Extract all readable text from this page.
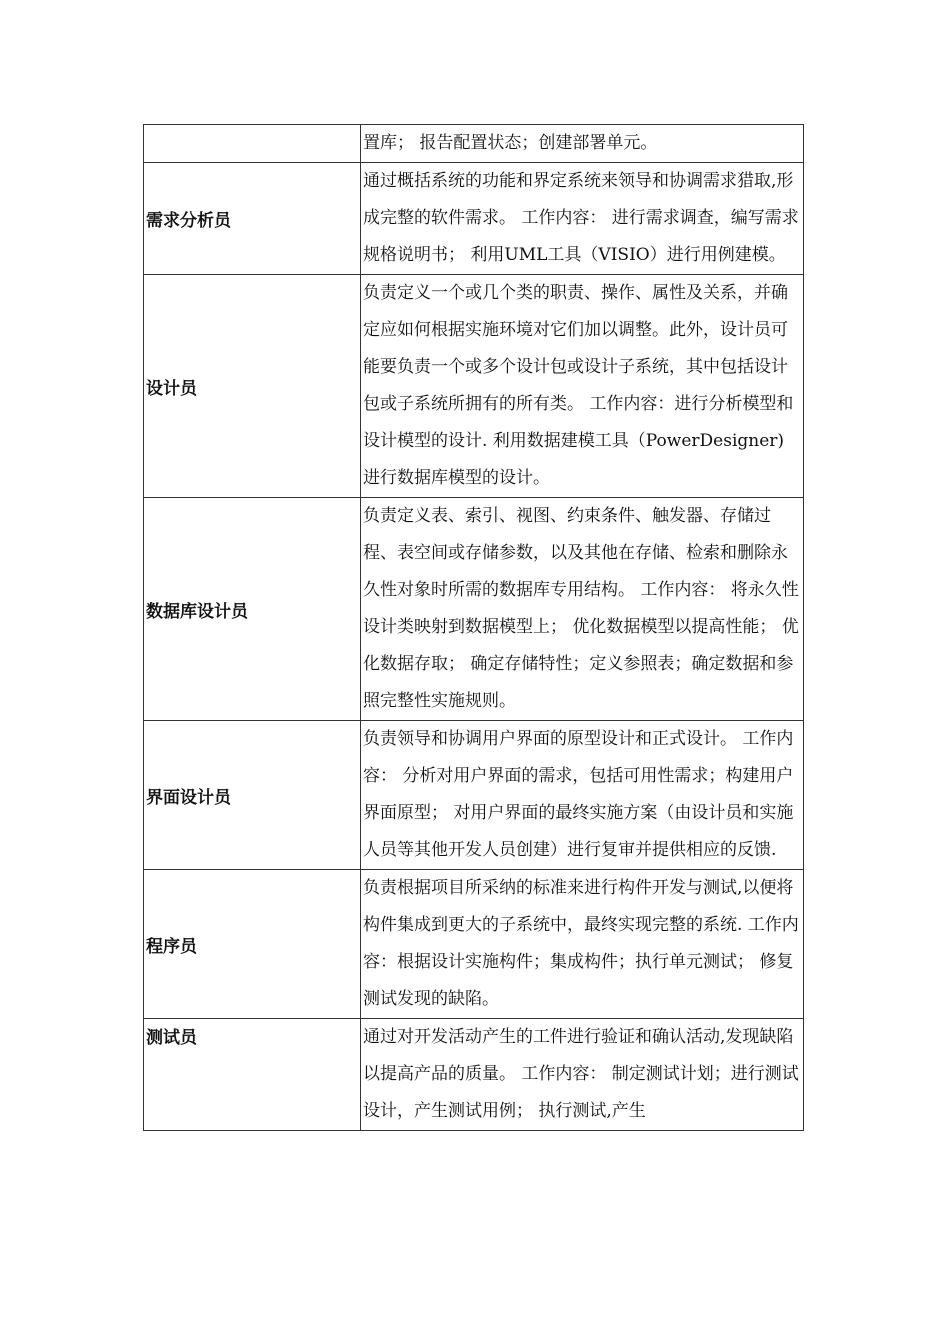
	置库； 报告配置状态；创建部署单元。
需求分析员	通过概括系统的功能和界定系统来领导和协调需求猎取,形成完整的软件需求。 工作内容： 进行需求调查，编写需求规格说明书； 利用UML工具（VISIO）进行用例建模。
设计员	负责定义一个或几个类的职责、操作、属性及关系，并确定应如何根据实施环境对它们加以调整。此外，设计员可能要负责一个或多个设计包或设计子系统，其中包括设计包或子系统所拥有的所有类。 工作内容：进行分析模型和设计模型的设计. 利用数据建模工具（PowerDesigner)进行数据库模型的设计。
数据库设计员	负责定义表、索引、视图、约束条件、触发器、存储过程、表空间或存储参数，以及其他在存储、检索和删除永久性对象时所需的数据库专用结构。 工作内容： 将永久性设计类映射到数据模型上； 优化数据模型以提高性能； 优化数据存取； 确定存储特性；定义参照表；确定数据和参照完整性实施规则。
界面设计员	负责领导和协调用户界面的原型设计和正式设计。 工作内容： 分析对用户界面的需求，包括可用性需求；构建用户界面原型； 对用户界面的最终实施方案（由设计员和实施人员等其他开发人员创建）进行复审并提供相应的反馈.
程序员	负责根据项目所采纳的标准来进行构件开发与测试,以便将构件集成到更大的子系统中，最终实现完整的系统. 工作内容：根据设计实施构件；集成构件；执行单元测试； 修复测试发现的缺陷。
测试员	通过对开发活动产生的工件进行验证和确认活动,发现缺陷以提高产品的质量。 工作内容： 制定测试计划；进行测试设计，产生测试用例； 执行测试,产生
